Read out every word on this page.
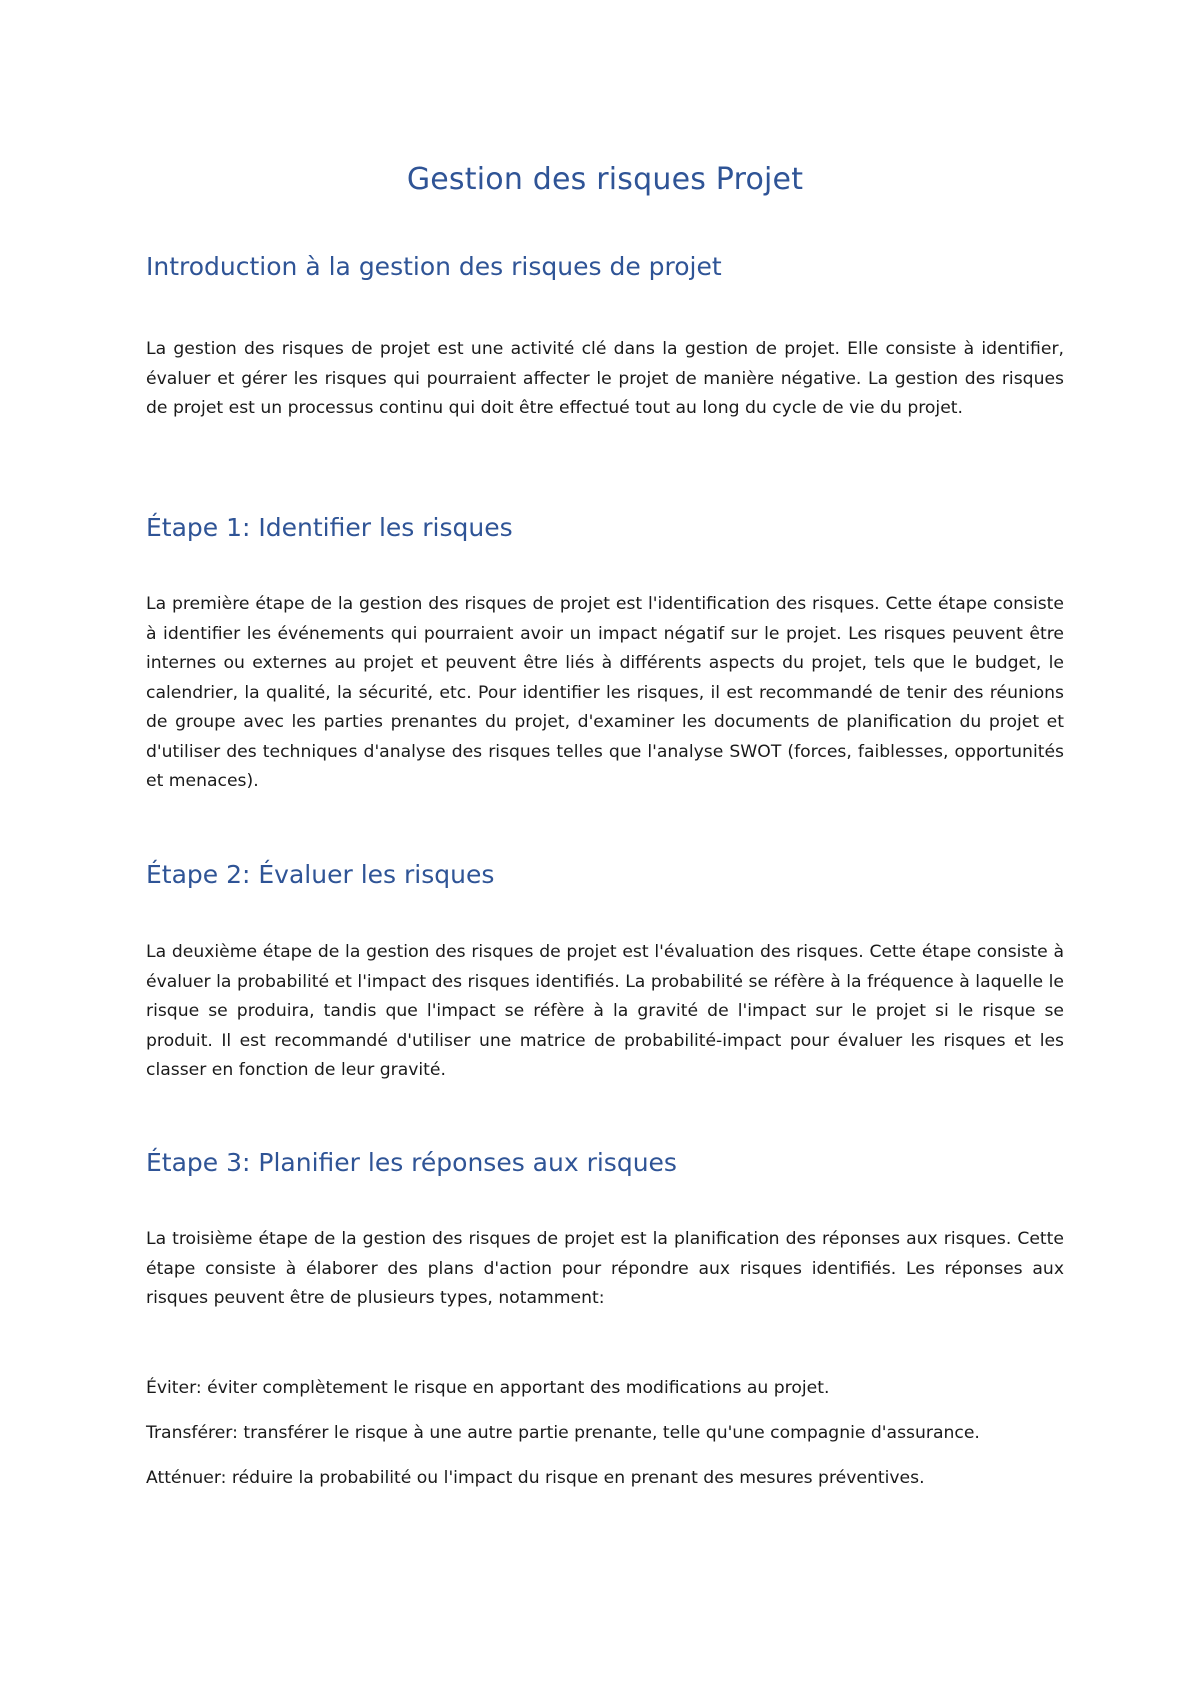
Gestion des risques Projet
Introduction à la gestion des risques de projet

La gestion des risques de projet est une activité clé dans la gestion de projet. Elle consiste à identifier, évaluer et gérer les risques qui pourraient affecter le projet de manière négative. La gestion des risques de projet est un processus continu qui doit être effectué tout au long du cycle de vie du projet.

Étape 1: Identifier les risques

La première étape de la gestion des risques de projet est l'identification des risques. Cette étape consiste à identifier les événements qui pourraient avoir un impact négatif sur le projet. Les risques peuvent être internes ou externes au projet et peuvent être liés à différents aspects du projet, tels que le budget, le calendrier, la qualité, la sécurité, etc. Pour identifier les risques, il est recommandé de tenir des réunions de groupe avec les parties prenantes du projet, d'examiner les documents de planification du projet et d'utiliser des techniques d'analyse des risques telles que l'analyse SWOT (forces, faiblesses, opportunités et menaces).

Étape 2: Évaluer les risques

La deuxième étape de la gestion des risques de projet est l'évaluation des risques. Cette étape consiste à évaluer la probabilité et l'impact des risques identifiés. La probabilité se réfère à la fréquence à laquelle le risque se produira, tandis que l'impact se réfère à la gravité de l'impact sur le projet si le risque se produit. Il est recommandé d'utiliser une matrice de probabilité-impact pour évaluer les risques et les classer en fonction de leur gravité.

Étape 3: Planifier les réponses aux risques

La troisième étape de la gestion des risques de projet est la planification des réponses aux risques. Cette étape consiste à élaborer des plans d'action pour répondre aux risques identifiés. Les réponses aux risques peuvent être de plusieurs types, notamment:

Éviter: éviter complètement le risque en apportant des modifications au projet.

Transférer: transférer le risque à une autre partie prenante, telle qu'une compagnie d'assurance.

Atténuer: réduire la probabilité ou l'impact du risque en prenant des mesures préventives.
